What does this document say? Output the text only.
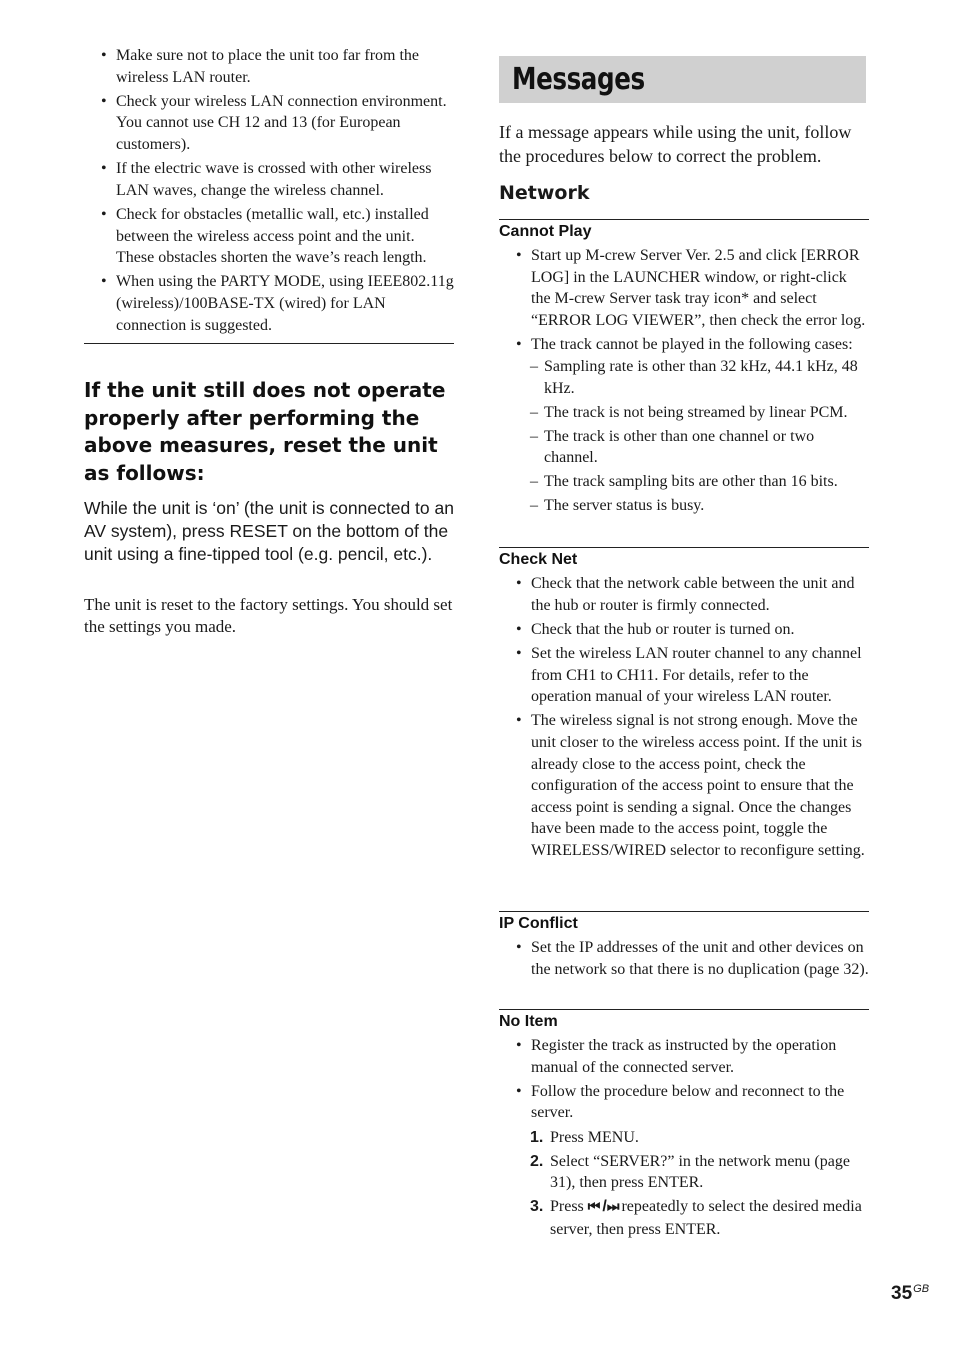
• Make sure not to place the unit too far from the wireless LAN router.
• Check your wireless LAN connection environment. You cannot use CH 12 and 13 (for European customers).
• If the electric wave is crossed with other wireless LAN waves, change the wireless channel.
• Check for obstacles (metallic wall, etc.) installed between the wireless access point and the unit. These obstacles shorten the wave’s reach length.
• When using the PARTY MODE, using IEEE802.11g (wireless)/100BASE-TX (wired) for LAN connection is suggested.
If the unit still does not operate properly after performing the above measures, reset the unit as follows:

While the unit is ‘on’ (the unit is connected to an AV system), press RESET on the bottom of the unit using a fine-tipped tool (e.g. pencil, etc.).

The unit is reset to the factory settings. You should set the settings you made.

Messages

If a message appears while using the unit, follow the procedures below to correct the problem.

Network
Cannot Play
• Start up M-crew Server Ver. 2.5 and click [ERROR LOG] in the LAUNCHER window, or right-click the M-crew Server task tray icon* and select “ERROR LOG VIEWER”, then check the error log.
• The track cannot be played in the following cases:
– Sampling rate is other than 32 kHz, 44.1 kHz, 48 kHz.
– The track is not being streamed by linear PCM.
– The track is other than one channel or two channel.
– The track sampling bits are other than 16 bits.
– The server status is busy.
Check Net
• Check that the network cable between the unit and the hub or router is firmly connected.
• Check that the hub or router is turned on.
• Set the wireless LAN router channel to any channel from CH1 to CH11. For details, refer to the operation manual of your wireless LAN router.
• The wireless signal is not strong enough. Move the unit closer to the wireless access point. If the unit is already close to the access point, check the configuration of the access point to ensure that the access point is sending a signal. Once the changes have been made to the access point, toggle the WIRELESS/WIRED selector to reconfigure setting.
IP Conflict
• Set the IP addresses of the unit and other devices on the network so that there is no duplication (page 32).
No Item
• Register the track as instructed by the operation manual of the connected server.
• Follow the procedure below and reconnect to the server.
1. Press MENU.
2. Select “SERVER?” in the network menu (page 31), then press ENTER.
3. Press ⏮ /⏭ repeatedly to select the desired media server, then press ENTER.
$35^{GB}$
